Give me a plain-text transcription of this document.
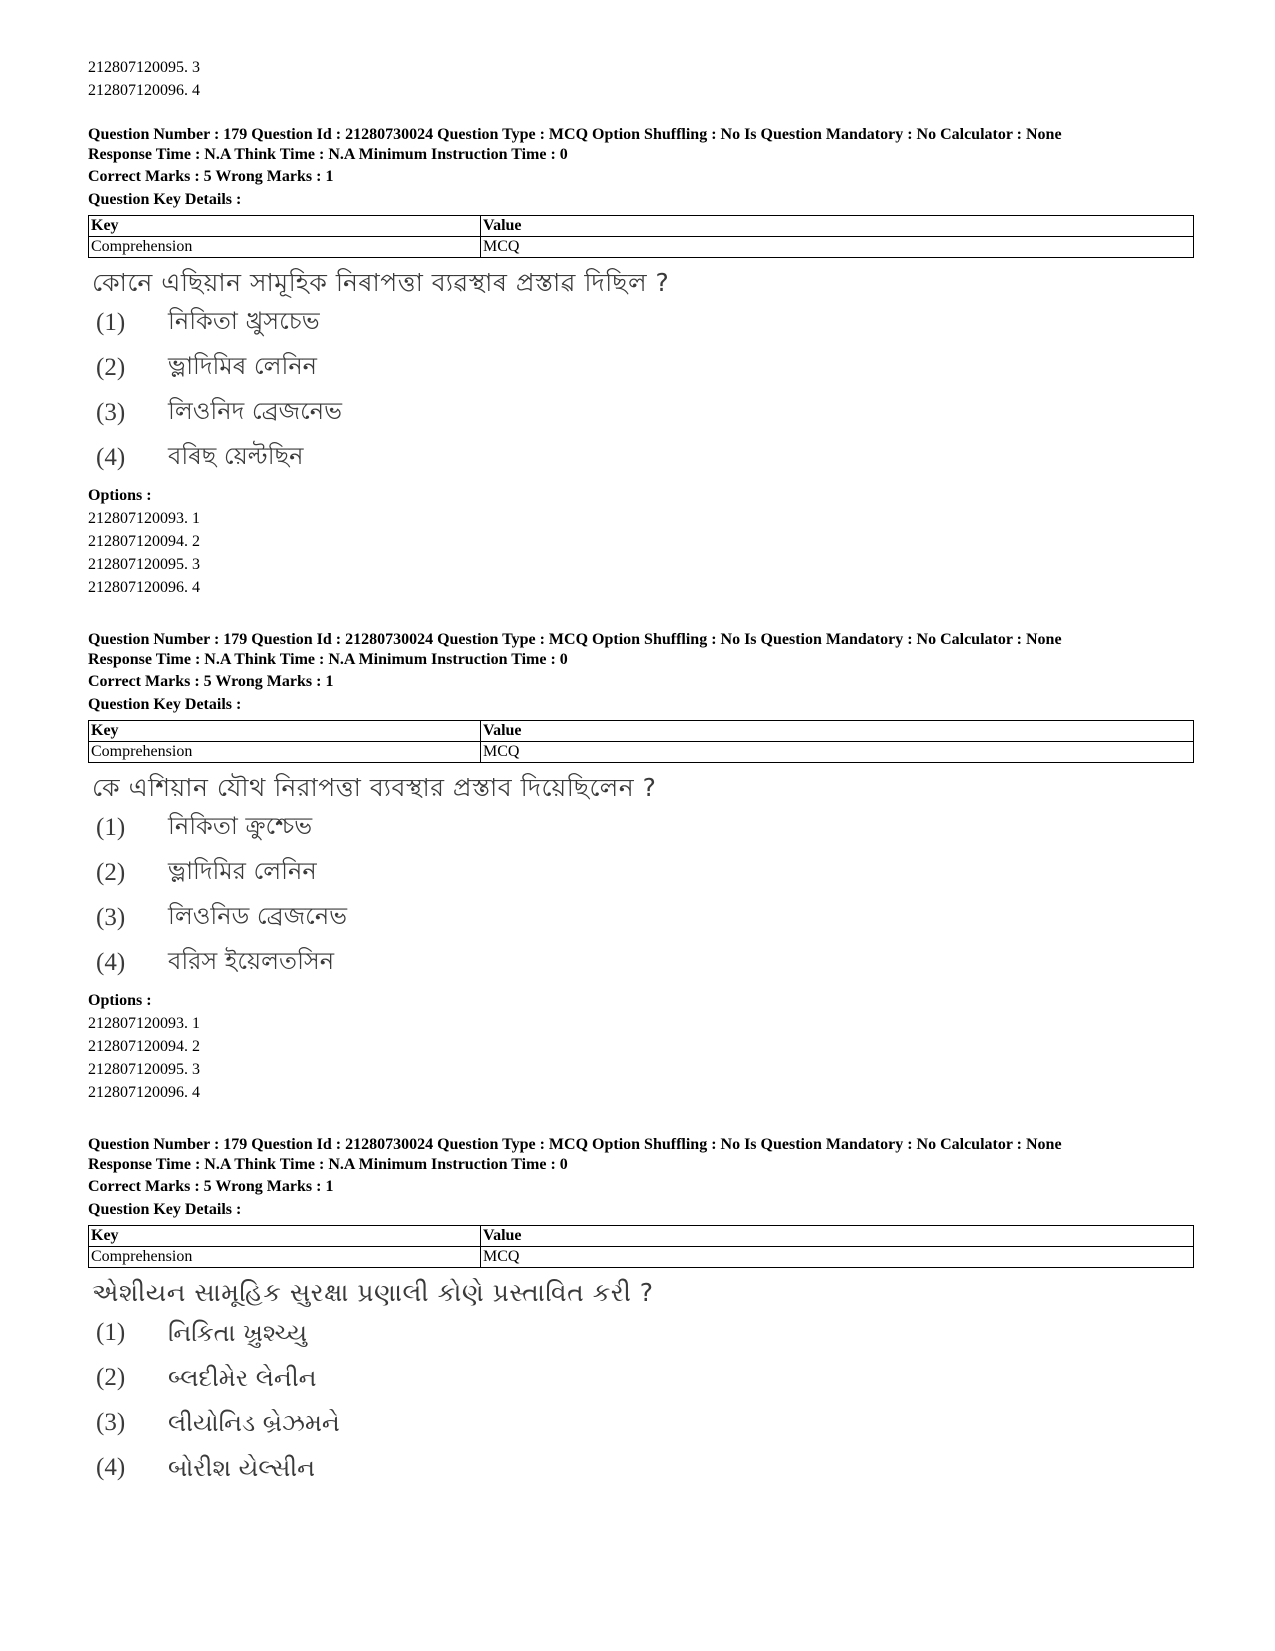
212807120095. 3
212807120096. 4
Question Number : 179 Question Id : 21280730024 Question Type : MCQ Option Shuffling : No Is Question Mandatory : No Calculator : None
Response Time : N.A Think Time : N.A Minimum Instruction Time : 0
Correct Marks : 5 Wrong Marks : 1
Question Key Details :
Key	Value
Comprehension	MCQ
কোনে এছিয়ান সামূহিক নিৰাপত্তা ব্যৱস্থাৰ প্ৰস্তাৱ দিছিল ?
(1)	নিকিতা খ্ৰুসচেভ
(2)	ভ্লাদিমিৰ লেনিন
(3)	লিওনিদ ব্ৰেজনেভ
(4)	বৰিছ য়েল্টছিন
Options :
212807120093. 1
212807120094. 2
212807120095. 3
212807120096. 4
Question Number : 179 Question Id : 21280730024 Question Type : MCQ Option Shuffling : No Is Question Mandatory : No Calculator : None
Response Time : N.A Think Time : N.A Minimum Instruction Time : 0
Correct Marks : 5 Wrong Marks : 1
Question Key Details :
Key	Value
Comprehension	MCQ
কে এশিয়ান যৌথ নিরাপত্তা ব্যবস্থার প্রস্তাব দিয়েছিলেন ?
(1)	নিকিতা ক্রুশ্চেভ
(2)	ভ্লাদিমির লেনিন
(3)	লিওনিড ব্রেজনেভ
(4)	বরিস ইয়েলতসিন
Options :
212807120093. 1
212807120094. 2
212807120095. 3
212807120096. 4
Question Number : 179 Question Id : 21280730024 Question Type : MCQ Option Shuffling : No Is Question Mandatory : No Calculator : None
Response Time : N.A Think Time : N.A Minimum Instruction Time : 0
Correct Marks : 5 Wrong Marks : 1
Question Key Details :
Key	Value
Comprehension	MCQ
એશીયન સામૂહિક સુરક્ષા પ્રણાલી કોણે પ્રસ્તાવિત કરી ?
(1)	નિકિતા ખ્રુશ્ચ્યુ
(2)	બ્લદીમેર લેનીન
(3)	લીયોનિડ બ્રેઝમને
(4)	બોરીશ યેલ્સીન
